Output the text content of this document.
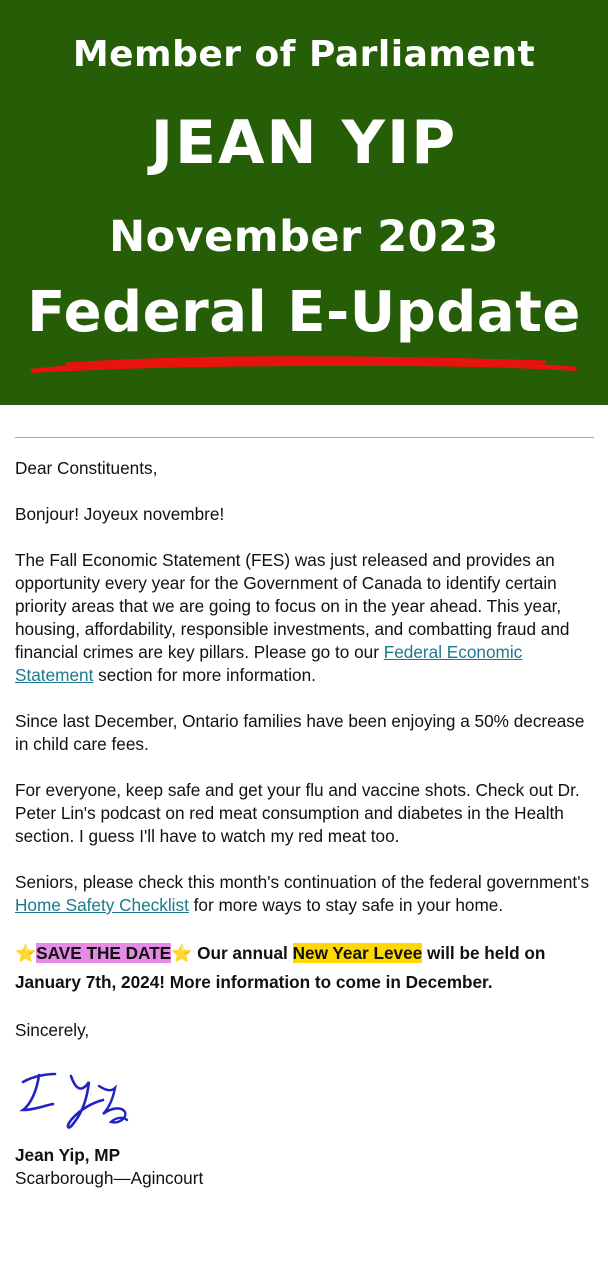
Member of Parliament
JEAN YIP
November 2023
Federal E-Update

Dear Constituents,

Bonjour! Joyeux novembre!

The Fall Economic Statement (FES) was just released and provides an opportunity every year for the Government of Canada to identify certain priority areas that we are going to focus on in the year ahead. This year, housing, affordability, responsible investments, and combatting fraud and financial crimes are key pillars. Please go to our Federal Economic Statement section for more information.

Since last December, Ontario families have been enjoying a 50% decrease in child care fees.

For everyone, keep safe and get your flu and vaccine shots. Check out Dr. Peter Lin's podcast on red meat consumption and diabetes in the Health section. I guess I'll have to watch my red meat too.

Seniors, please check this month's continuation of the federal government's Home Safety Checklist for more ways to stay safe in your home.

⭐SAVE THE DATE⭐ Our annual New Year Levee will be held on January 7th, 2024! More information to come in December.

Sincerely,

Jean Yip, MP

Scarborough—Agincourt
